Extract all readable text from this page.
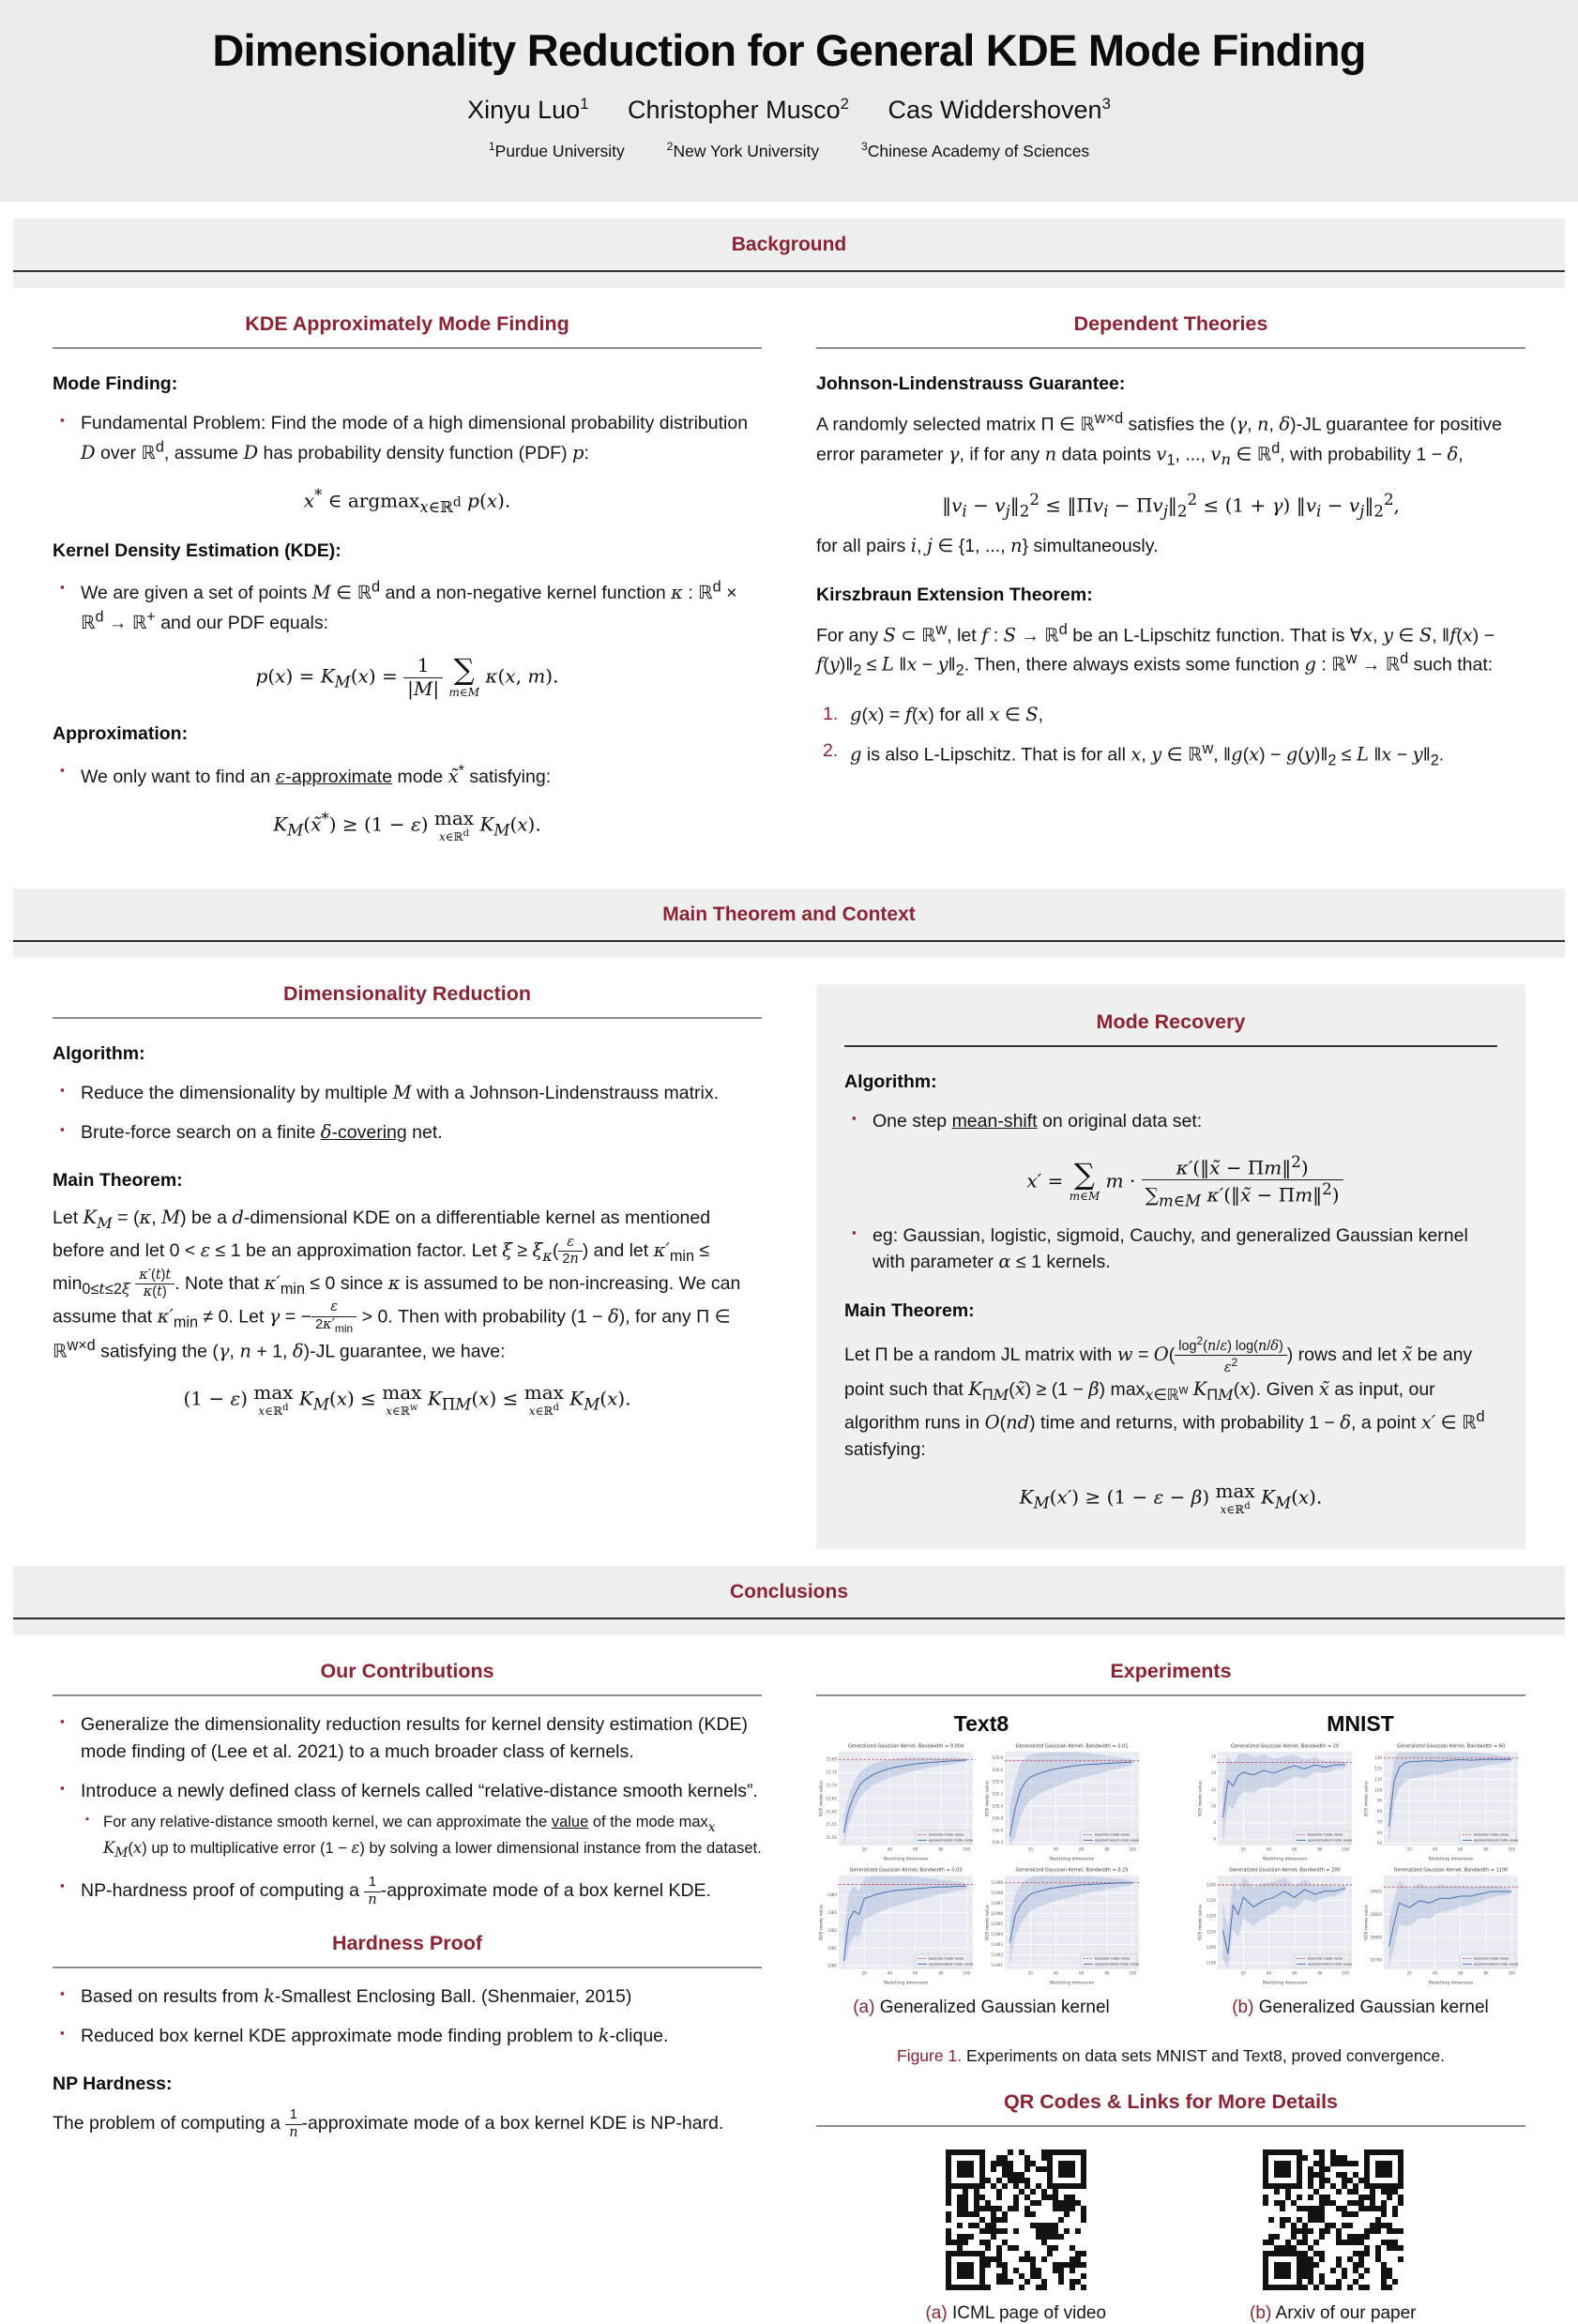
Dimensionality Reduction for General KDE Mode Finding
Xinyu Luo$^1$ Christopher Musco$^2$ Cas Widdershoven$^3$
$^1$Purdue University	$^2$New York University	$^3$Chinese Academy of Sciences
Background
KDE Approximately Mode Finding
Mode Finding:
▪ Fundamental Problem: Find the mode of a high dimensional probability distribution D over ℝ$^d$, assume D has probability density function (PDF) p:
x* ∈ argmax$_{x\in ℝ^d}$ p(x).
Kernel Density Estimation (KDE):
▪ We are given a set of points M ∈ ℝ$^d$ and a non-negative kernel function κ : ℝ$^d$ × ℝ$^d$ → ℝ+ and our PDF equals:
$p(x) = K_M(x) = \frac{1}{|M|}$
∑
m∈M
κ(x, m).
Approximation:
▪ We only want to find an ε-approximate mode x̃* satisfying:
$K_M(x̃^*) \ge (1 - \varepsilon)$ max
x∈ℝ$^d$ $K_M(x)$.
Dependent Theories
Johnson-Lindenstrauss Guarantee:

A randomly selected matrix Π ∈ ℝ$^{w\times d}$ satisfies the (γ, n, δ)-JL guarantee for positive error parameter γ, if for any n data points $v_1$, ..., $v_n$ ∈ ℝ$^d$, with probability 1 − δ,

$‖v_i$ − $v_j‖_2^2$ ≤ $‖\Pi v_i$ − $\Pi v_j‖_2^2 \le (1 + \gamma)$ $‖v_i$ − $v_j‖_2^2$,

for all pairs i, j ∈ {1, ..., n} simultaneously.

Kirszbraun Extension Theorem:

For any S ⊂ ℝ$^w$, let f : S → ℝ$^d$ be an L-Lipschitz function. That is ∀x, y ∈ S, ‖f(x) − $f(y)‖_2 \le L$ ‖x − $y‖_2$. Then, there always exists some function g : ℝ$^w$ → ℝ$^d$ such that:

g(x) = f(x) for all x ∈ S,
g is also L-Lipschitz. That is for all x, y ∈ ℝ$^w$, ‖g(x) − $g(y)‖_2 \le L$ ‖x − $y‖_2$.
Main Theorem and Context
Dimensionality Reduction
Algorithm:
▪ Reduce the dimensionality by multiple M with a Johnson-Lindenstrauss matrix.
▪ Brute-force search on a finite δ-covering net.
Main Theorem:

Let $K_M = (\kappa$, M) be a d-dimensional KDE on a differentiable kernel as mentioned before and let 0 < ε ≤ 1 be an approximation factor. Let $\xi \ge \xi_\kappa( \frac{\varepsilon}{2n}$ ) and let $\kappa'_{min} \le \min_{0\le t\le 2\xi} \frac{\kappa'(t)t}{\kappa(t)}$ . Note that $\kappa'_{min} \le 0$ since κ is assumed to be non-increasing. We can assume that $\kappa'_{min} \ne 0$. Let γ = − $\frac{\varepsilon}{2\kappa'_{min}} > 0$. Then with probability (1 − δ), for any Π ∈ ℝ$^{w\times d}$ satisfying the (γ, n + 1, δ)-JL guarantee, we have:

(1 − ε) max
x∈ℝ$^d$ $K_M(x) \le \max$
x∈ℝ$^w$ $K_{\Pi M}(x) \le \max$
x∈ℝ$^d$ $K_M(x)$.
Mode Recovery
Algorithm:
▪ One step mean-shift on original data set:
x′ = ∑
m∈M
$m \cdot \frac{\kappa'(‖x̃ - \Pi m‖^2)}{\sum_{m\in M} \kappa'(‖x̃ - \Pi m‖^2)}$
▪ eg: Gaussian, logistic, sigmoid, Cauchy, and generalized Gaussian kernel with parameter α ≤ 1 kernels.
Main Theorem:

Let Π be a random JL matrix with $w = O( \frac{\log^2(n/\varepsilon) \log(n/\delta)}{\varepsilon^2}$ ) rows and let x̃ be any point such that $K_{\Pi M}(x̃) \ge (1 - \beta)$ $\max_{x\in ℝ^w} K_{\Pi M}(x)$. Given x̃ as input, our algorithm runs in O(nd) time and returns, with probability 1 − δ, a point x′ ∈ ℝ$^d$ satisfying:

$K_M(x') \ge (1 - \varepsilon - \beta)$ max
x∈ℝ$^d$ $K_M(x)$.
Conclusions
Our Contributions
▪ Generalize the dimensionality reduction results for kernel density estimation (KDE) mode finding of (Lee et al. 2021) to a much broader class of kernels.
▪ Introduce a newly defined class of kernels called “relative-distance smooth kernels”.
▪ For any relative-distance smooth kernel, we can approximate the value of the mode $\max_x K_M(x)$ up to multiplicative error (1 − ε) by solving a lower dimensional instance from the dataset.
▪ NP-hardness proof of computing a $\frac{1}{n}$ -approximate mode of a box kernel KDE.
Hardness Proof
▪ Based on results from k-Smallest Enclosing Ball. (Shenmaier, 2015)
▪ Reduced box kernel KDE approximate mode finding problem to k-clique.
NP Hardness:

The problem of computing a $\frac{1}{n}$ -approximate mode of a box kernel KDE is NP-hard.

Experiments
Text8
15.50
15.55
15.60
15.65
15.70
15.75
15.80
20	40	60	80	100
baseline mode value
approximated mode value
Generalized Gaussian Kernel, Bandwidth = 0.004
Sketching dimension
KDE mode value
104.4
104.6
104.8
105.0
105.2
105.4
105.6
105.8
20	40	60	80	100
baseline mode value
approximated mode value
Generalized Gaussian Kernel, Bandwidth = 0.01
Sketching dimension
KDE mode value
1380
1381
1382
1383
1384
20	40	60	80	100
baseline mode value
approximated mode value
Generalized Gaussian Kernel, Bandwidth = 0.03
Sketching dimension
KDE mode value
11491
11492
11493
11494
11495
11496
11497
11498
11499
20	40	60	80	100
baseline mode value
approximated mode value
Generalized Gaussian Kernel, Bandwidth = 0.25
Sketching dimension
KDE mode value
(a) Generalized Gaussian kernel
MNIST
6
8
10
12
14
16
20	40	60	80	100
baseline mode value
approximated mode value
Generalized Gaussian Kernel, Bandwidth = 20
Sketching dimension
KDE mode value
50
60
70
80
90
100
110
120
130
20	40	60	80	100
baseline mode value
approximated mode value
Generalized Gaussian Kernel, Bandwidth = 60
Sketching dimension
KDE mode value
1190
1200
1210
1220
1230
1240
20	40	60	80	100
baseline mode value
approximated mode value
Generalized Gaussian Kernel, Bandwidth = 200
Sketching dimension
KDE mode value
10790
10800
10810
10820
20	40	60	80	100
baseline mode value
approximated mode value
Generalized Gaussian Kernel, Bandwidth = 1100
Sketching dimension
KDE mode value
(b) Generalized Gaussian kernel
Figure 1. Experiments on data sets MNIST and Text8, proved convergence.
QR Codes & Links for More Details
(a) ICML page of video	(b) Arxiv of our paper
